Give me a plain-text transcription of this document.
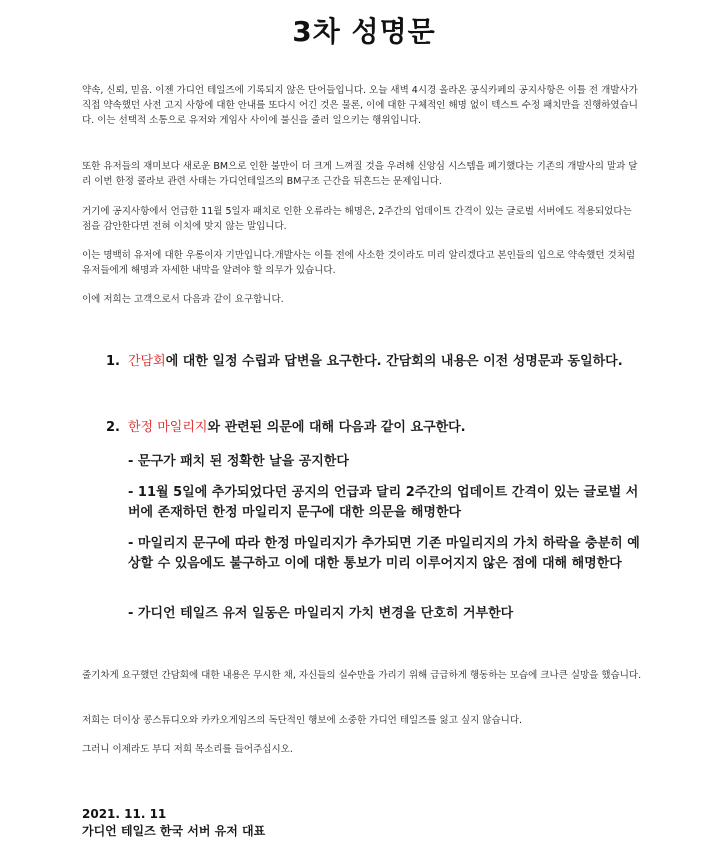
3차 성명문
약속, 신뢰, 믿음. 이젠 가디언 테일즈에 기록되지 않은 단어들입니다. 오늘 새벽 4시경 올라온 공식카페의 공지사항은 이틀 전 개발사가 직접 약속했던 사전 고지 사항에 대한 안내를 또다시 어긴 것은 물론, 이에 대한 구체적인 해명 없이 텍스트 수정 패치만을 진행하였습니다. 이는 선택적 소통으로 유저와 게임사 사이에 불신을 줄러 일으키는 행위입니다.
또한 유저들의 재미보다 새로운 BM으로 인한 불만이 더 크게 느껴질 것을 우려해 신앙심 시스템을 폐기했다는 기존의 개발사의 말과 달리 이번 한정 콜라보 관련 사태는 가디언테일즈의 BM구조 근간을 뒤흔드는 문제입니다.
거기에 공지사항에서 언급한 11월 5일자 패치로 인한 오류라는 해명은, 2주간의 업데이트 간격이 있는 글로벌 서버에도 적용되었다는 점을 감안한다면 전혀 이치에 맞지 않는 말입니다.
이는 명백히 유저에 대한 우롱이자 기만입니다.개발사는 이틀 전에 사소한 것이라도 미리 알리겠다고 본인들의 입으로 약속했던 것처럼 유저들에게 해명과 자세한 내막을 알려야 할 의무가 있습니다.
이에 저희는 고객으로서 다음과 같이 요구합니다.
1. 간담회에 대한 일정 수립과 답변을 요구한다. 간담회의 내용은 이전 성명문과 동일하다.
2. 한정 마일리지와 관련된 의문에 대해 다음과 같이 요구한다.
- 문구가 패치 된 정확한 날을 공지한다
- 11월 5일에 추가되었다던 공지의 언급과 달리 2주간의 업데이트 간격이 있는 글로벌 서버에 존재하던 한정 마일리지 문구에 대한 의문을 해명한다
- 마일리지 문구에 따라 한정 마일리지가 추가되면 기존 마일리지의 가치 하락을 충분히 예상할 수 있음에도 불구하고 이에 대한 통보가 미리 이루어지지 않은 점에 대해 해명한다
- 가디언 테일즈 유저 일동은 마일리지 가치 변경을 단호히 거부한다
줄기차게 요구했던 간담회에 대한 내용은 무시한 채, 자신들의 실수만을 가리기 위해 급급하게 행동하는 모습에 크나큰 실망을 했습니다.
저희는 더이상 콩스튜디오와 카카오게임즈의 독단적인 행보에 소중한 가디언 테일즈를 잃고 싶지 않습니다.
그러니 이제라도 부디 저희 목소리를 들어주십시오.
2021. 11. 11
가디언 테일즈 한국 서버 유저 대표
